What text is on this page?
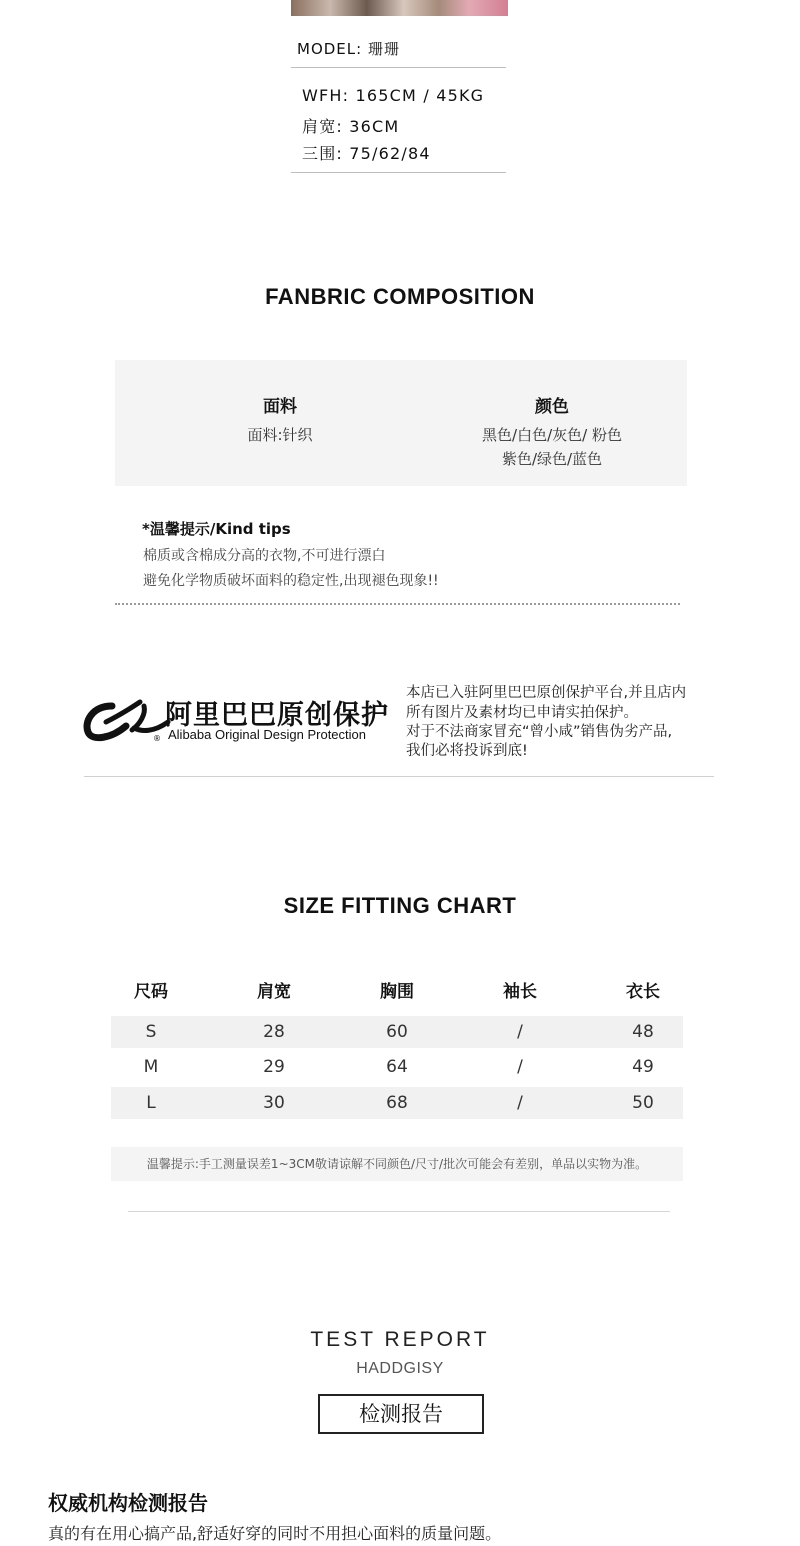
MODEL: 珊珊
WFH: 165CM / 45KG
肩宽: 36CM
三围: 75/62/84
FANBRIC COMPOSITION
面料
面料:针织
颜色
黑色/白色/灰色/ 粉色
紫色/绿色/蓝色
*温馨提示/Kind tips
棉质或含棉成分高的衣物,不可进行漂白
避免化学物质破坏面料的稳定性,出现褪色现象!!
阿里巴巴原创保护
® Alibaba Original Design Protection
本店已入驻阿里巴巴原创保护平台,并且店内
所有图片及素材均已申请实拍保护。
对于不法商家冒充“曾小咸”销售伪劣产品,
我们必将投诉到底!
SIZE FITTING CHART
尺码	肩宽	胸围	袖长	衣长
S	28	60	/	48
M	29	64	/	49
L	30	68	/	50
温馨提示:手工测量误差1~3CM敬请谅解不同颜色/尺寸/批次可能会有差别，单品以实物为准。
TEST REPORT
HADDGISY
检测报告
权威机构检测报告
真的有在用心搞产品,舒适好穿的同时不用担心面料的质量问题。
